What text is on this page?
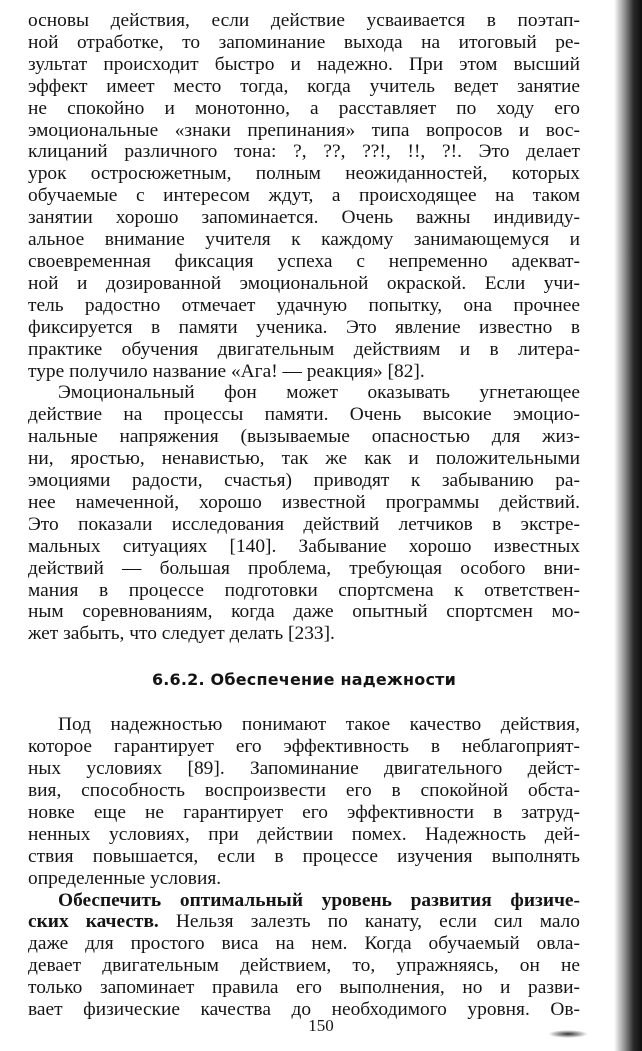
основы действия, если действие усваивается в поэтап-
ной отработке, то запоминание выхода на итоговый ре-
зультат происходит быстро и надежно. При этом высший
эффект имеет место тогда, когда учитель ведет занятие
не спокойно и монотонно, а расставляет по ходу его
эмоциональные «знаки препинания» типа вопросов и вос-
клицаний различного тона: ?, ??, ??!, !!, ?!. Это делает
урок остросюжетным, полным неожиданностей, которых
обучаемые с интересом ждут, а происходящее на таком
занятии хорошо запоминается. Очень важны индивиду-
альное внимание учителя к каждому занимающемуся и
своевременная фиксация успеха с непременно адекват-
ной и дозированной эмоциональной окраской. Если учи-
тель радостно отмечает удачную попытку, она прочнее
фиксируется в памяти ученика. Это явление известно в
практике обучения двигательным действиям и в литера-
туре получило название «Ага! — реакция» [82].

Эмоциональный фон может оказывать угнетающее
действие на процессы памяти. Очень высокие эмоцио-
нальные напряжения (вызываемые опасностью для жиз-
ни, яростью, ненавистью, так же как и положительными
эмоциями радости, счастья) приводят к забыванию ра-
нее намеченной, хорошо известной программы действий.
Это показали исследования действий летчиков в экстре-
мальных ситуациях [140]. Забывание хорошо известных
действий — большая проблема, требующая особого вни-
мания в процессе подготовки спортсмена к ответствен-
ным соревнованиям, когда даже опытный спортсмен мо-
жет забыть, что следует делать [233].

6.6.2. Обеспечение надежности

Под надежностью понимают такое качество действия,
которое гарантирует его эффективность в неблагоприят-
ных условиях [89]. Запоминание двигательного дейст-
вия, способность воспроизвести его в спокойной обста-
новке еще не гарантирует его эффективности в затруд-
ненных условиях, при действии помех. Надежность дей-
ствия повышается, если в процессе изучения выполнять
определенные условия.

Обеспечить оптимальный уровень развития физиче-
ских качеств. Нельзя залезть по канату, если сил мало
даже для простого виса на нем. Когда обучаемый овла-
девает двигательным действием, то, упражняясь, он не
только запоминает правила его выполнения, но и разви-
вает физические качества до необходимого уровня. Ов-

150
